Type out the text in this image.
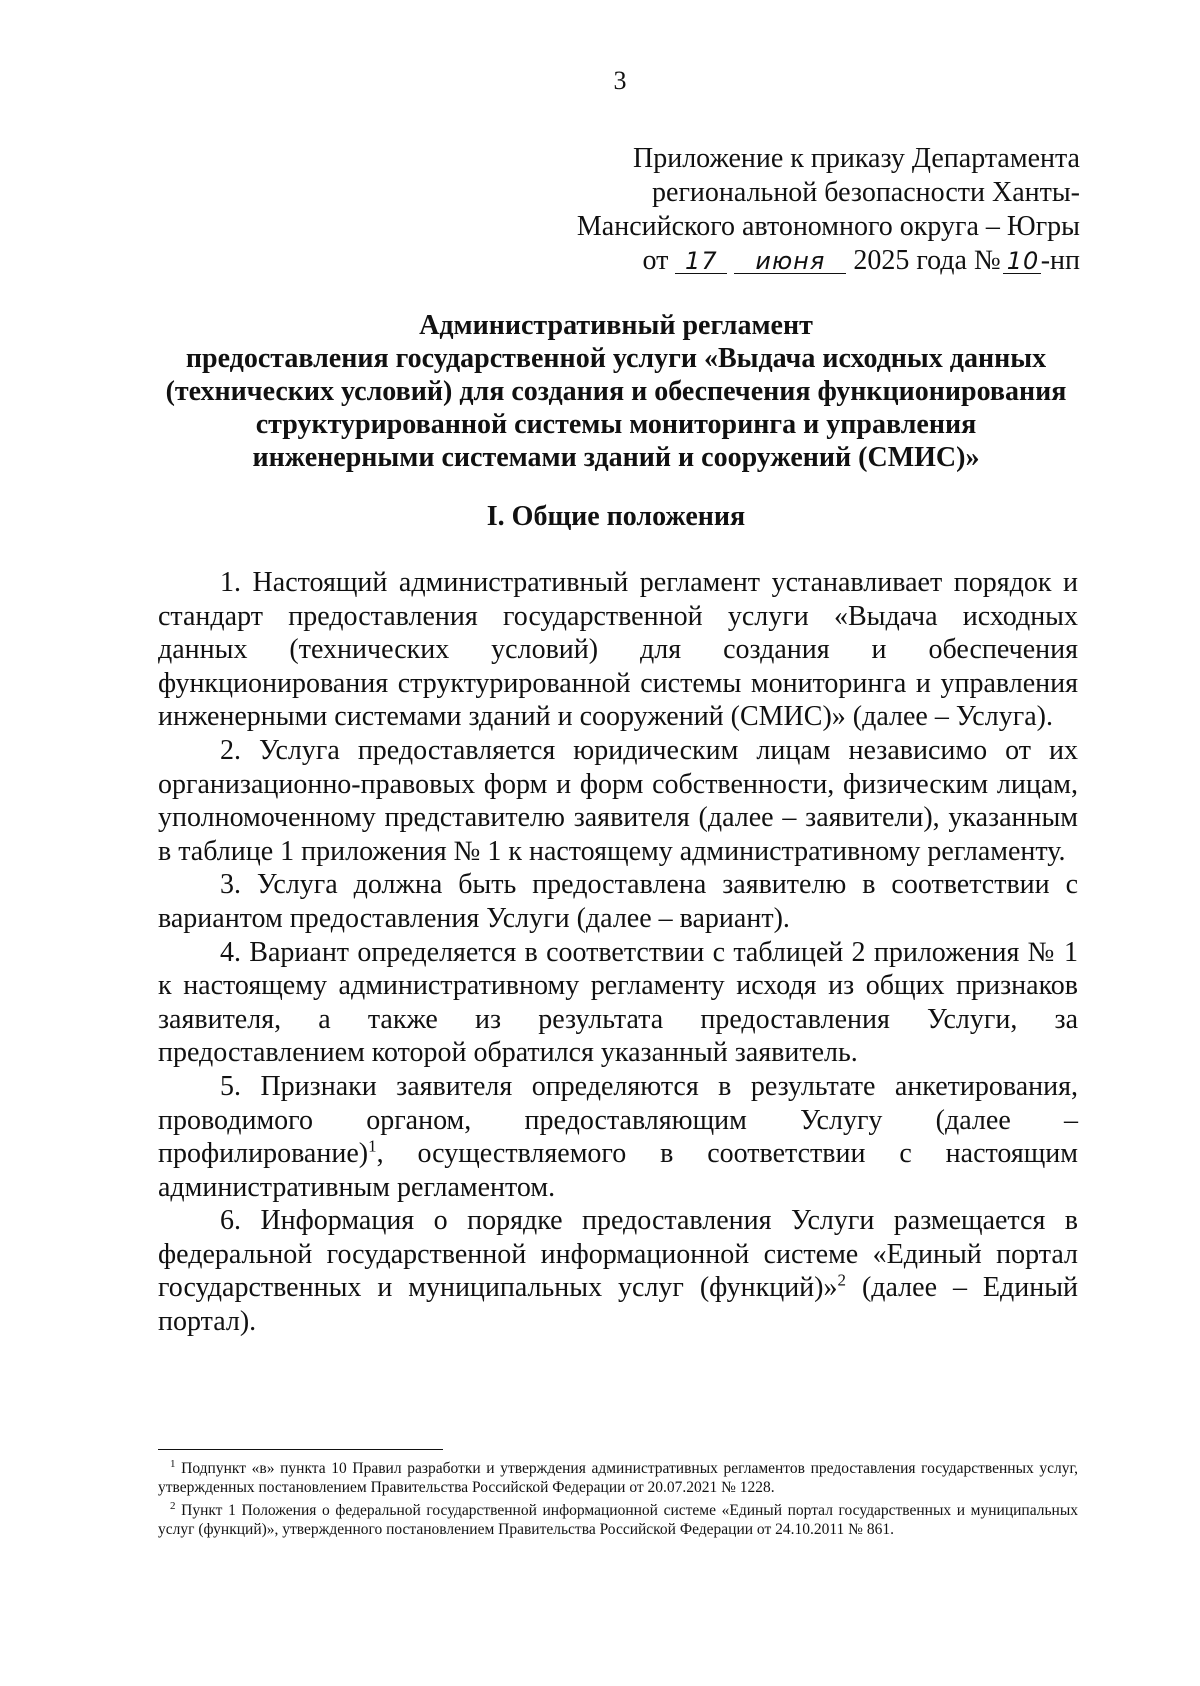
3
Приложение к приказу Департамента
региональной безопасности Ханты-
Мансийского автономного округа – Югры
от 17 июня 2025 года № 10-нп
Административный регламент
предоставления государственной услуги «Выдача исходных данных
(технических условий) для создания и обеспечения функционирования
структурированной системы мониторинга и управления
инженерными системами зданий и сооружений (СМИС)»
I. Общие положения

1. Настоящий административный регламент устанавливает порядок и стандарт предоставления государственной услуги «Выдача исходных данных (технических условий) для создания и обеспечения функционирования структурированной системы мониторинга и управления инженерными системами зданий и сооружений (СМИС)» (далее – Услуга).

2. Услуга предоставляется юридическим лицам независимо от их организационно-правовых форм и форм собственности, физическим лицам, уполномоченному представителю заявителя (далее – заявители), указанным в таблице 1 приложения № 1 к настоящему административному регламенту.

3. Услуга должна быть предоставлена заявителю в соответствии с вариантом предоставления Услуги (далее – вариант).

4. Вариант определяется в соответствии с таблицей 2 приложения № 1 к настоящему административному регламенту исходя из общих признаков заявителя, а также из результата предоставления Услуги, за предоставлением которой обратился указанный заявитель.

5. Признаки заявителя определяются в результате анкетирования, проводимого органом, предоставляющим Услугу (далее – профилирование)$^1$, осуществляемого в соответствии с настоящим административным регламентом.

6. Информация о порядке предоставления Услуги размещается в федеральной государственной информационной системе «Единый портал государственных и муниципальных услуг (функций)»$^2$ (далее – Единый портал).

$^1$ Подпункт «в» пункта 10 Правил разработки и утверждения административных регламентов предоставления государственных услуг, утвержденных постановлением Правительства Российской Федерации от 20.07.2021 № 1228.

$^2$ Пункт 1 Положения о федеральной государственной информационной системе «Единый портал государственных и муниципальных услуг (функций)», утвержденного постановлением Правительства Российской Федерации от 24.10.2011 № 861.
